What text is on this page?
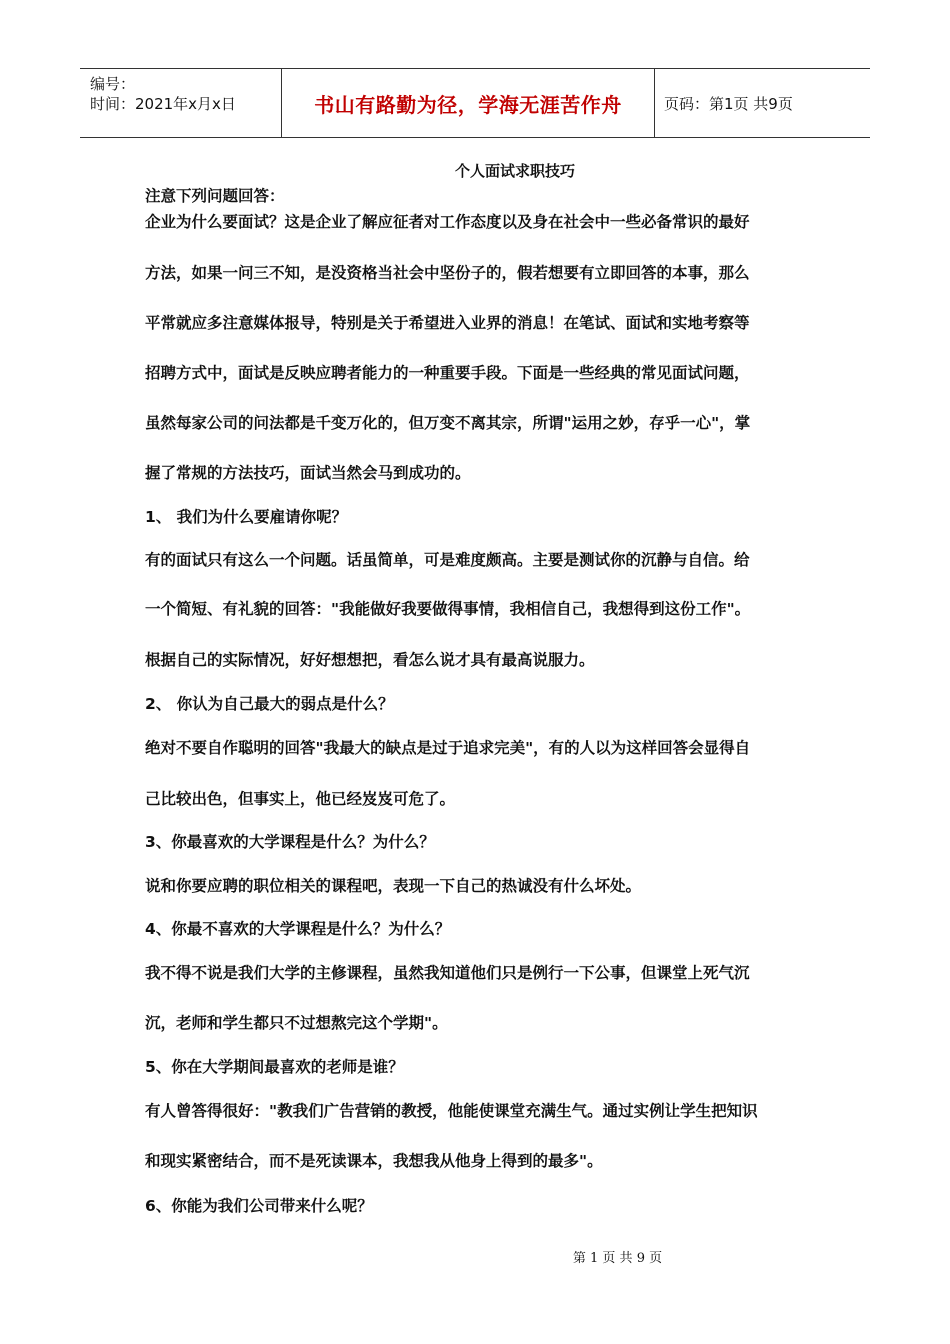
编号：
时间：2021年x月x日	书山有路勤为径，学海无涯苦作舟	页码：第1页 共9页
个人面试求职技巧
注意下列问题回答：
企业为什么要面试？这是企业了解应征者对工作态度以及身在社会中一些必备常识的最好
方法，如果一问三不知，是没资格当社会中坚份子的，假若想要有立即回答的本事，那么
平常就应多注意媒体报导，特别是关于希望进入业界的消息！在笔试、面试和实地考察等
招聘方式中，面试是反映应聘者能力的一种重要手段。下面是一些经典的常见面试问题，
虽然每家公司的问法都是千变万化的，但万变不离其宗，所谓"运用之妙，存乎一心"，掌
握了常规的方法技巧，面试当然会马到成功的。
1、 我们为什么要雇请你呢？
有的面试只有这么一个问题。话虽简单，可是难度颇高。主要是测试你的沉静与自信。给
一个简短、有礼貌的回答："我能做好我要做得事情，我相信自己，我想得到这份工作"。
根据自己的实际情况，好好想想把，看怎么说才具有最高说服力。
2、 你认为自己最大的弱点是什么？
绝对不要自作聪明的回答"我最大的缺点是过于追求完美"，有的人以为这样回答会显得自
己比较出色，但事实上，他已经岌岌可危了。
3、你最喜欢的大学课程是什么？为什么？
说和你要应聘的职位相关的课程吧，表现一下自己的热诚没有什么坏处。
4、你最不喜欢的大学课程是什么？为什么？
我不得不说是我们大学的主修课程，虽然我知道他们只是例行一下公事，但课堂上死气沉
沉，老师和学生都只不过想熬完这个学期"。
5、你在大学期间最喜欢的老师是谁？
有人曾答得很好："教我们广告营销的教授，他能使课堂充满生气。通过实例让学生把知识
和现实紧密结合，而不是死读课本，我想我从他身上得到的最多"。
6、你能为我们公司带来什么呢？
第 1 页 共 9 页
